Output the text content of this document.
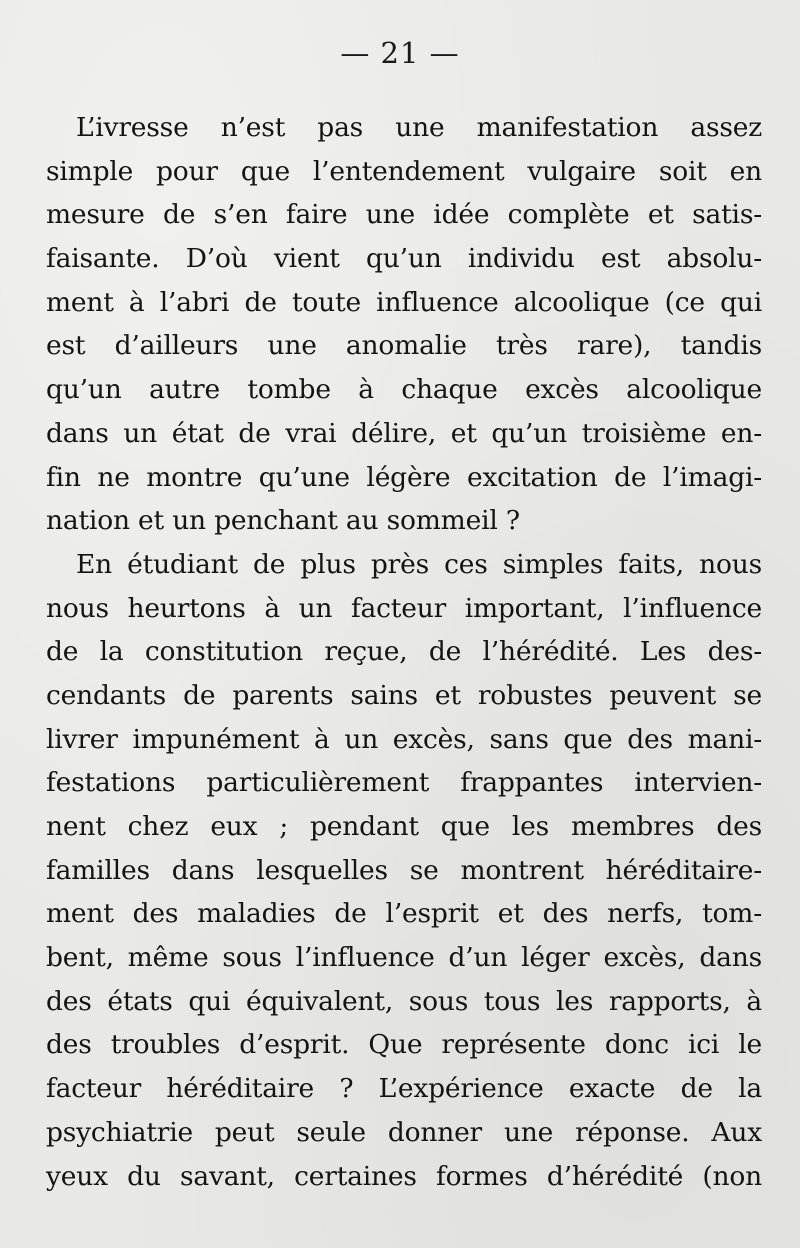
— 21 —
L’ivresse n’est pas une manifestation assez
simple pour que l’entendement vulgaire soit en
mesure de s’en faire une idée complète et satis-
faisante. D’où vient qu’un individu est absolu-
ment à l’abri de toute influence alcoolique (ce qui
est d’ailleurs une anomalie très rare), tandis
qu’un autre tombe à chaque excès alcoolique
dans un état de vrai délire, et qu’un troisième en-
fin ne montre qu’une légère excitation de l’imagi-
nation et un penchant au sommeil ?
En étudiant de plus près ces simples faits, nous
nous heurtons à un facteur important, l’influence
de la constitution reçue, de l’hérédité. Les des-
cendants de parents sains et robustes peuvent se
livrer impunément à un excès, sans que des mani-
festations particulièrement frappantes intervien-
nent chez eux ; pendant que les membres des
familles dans lesquelles se montrent héréditaire-
ment des maladies de l’esprit et des nerfs, tom-
bent, même sous l’influence d’un léger excès, dans
des états qui équivalent, sous tous les rapports, à
des troubles d’esprit. Que représente donc ici le
facteur héréditaire ? L’expérience exacte de la
psychiatrie peut seule donner une réponse. Aux
yeux du savant, certaines formes d’hérédité (non
